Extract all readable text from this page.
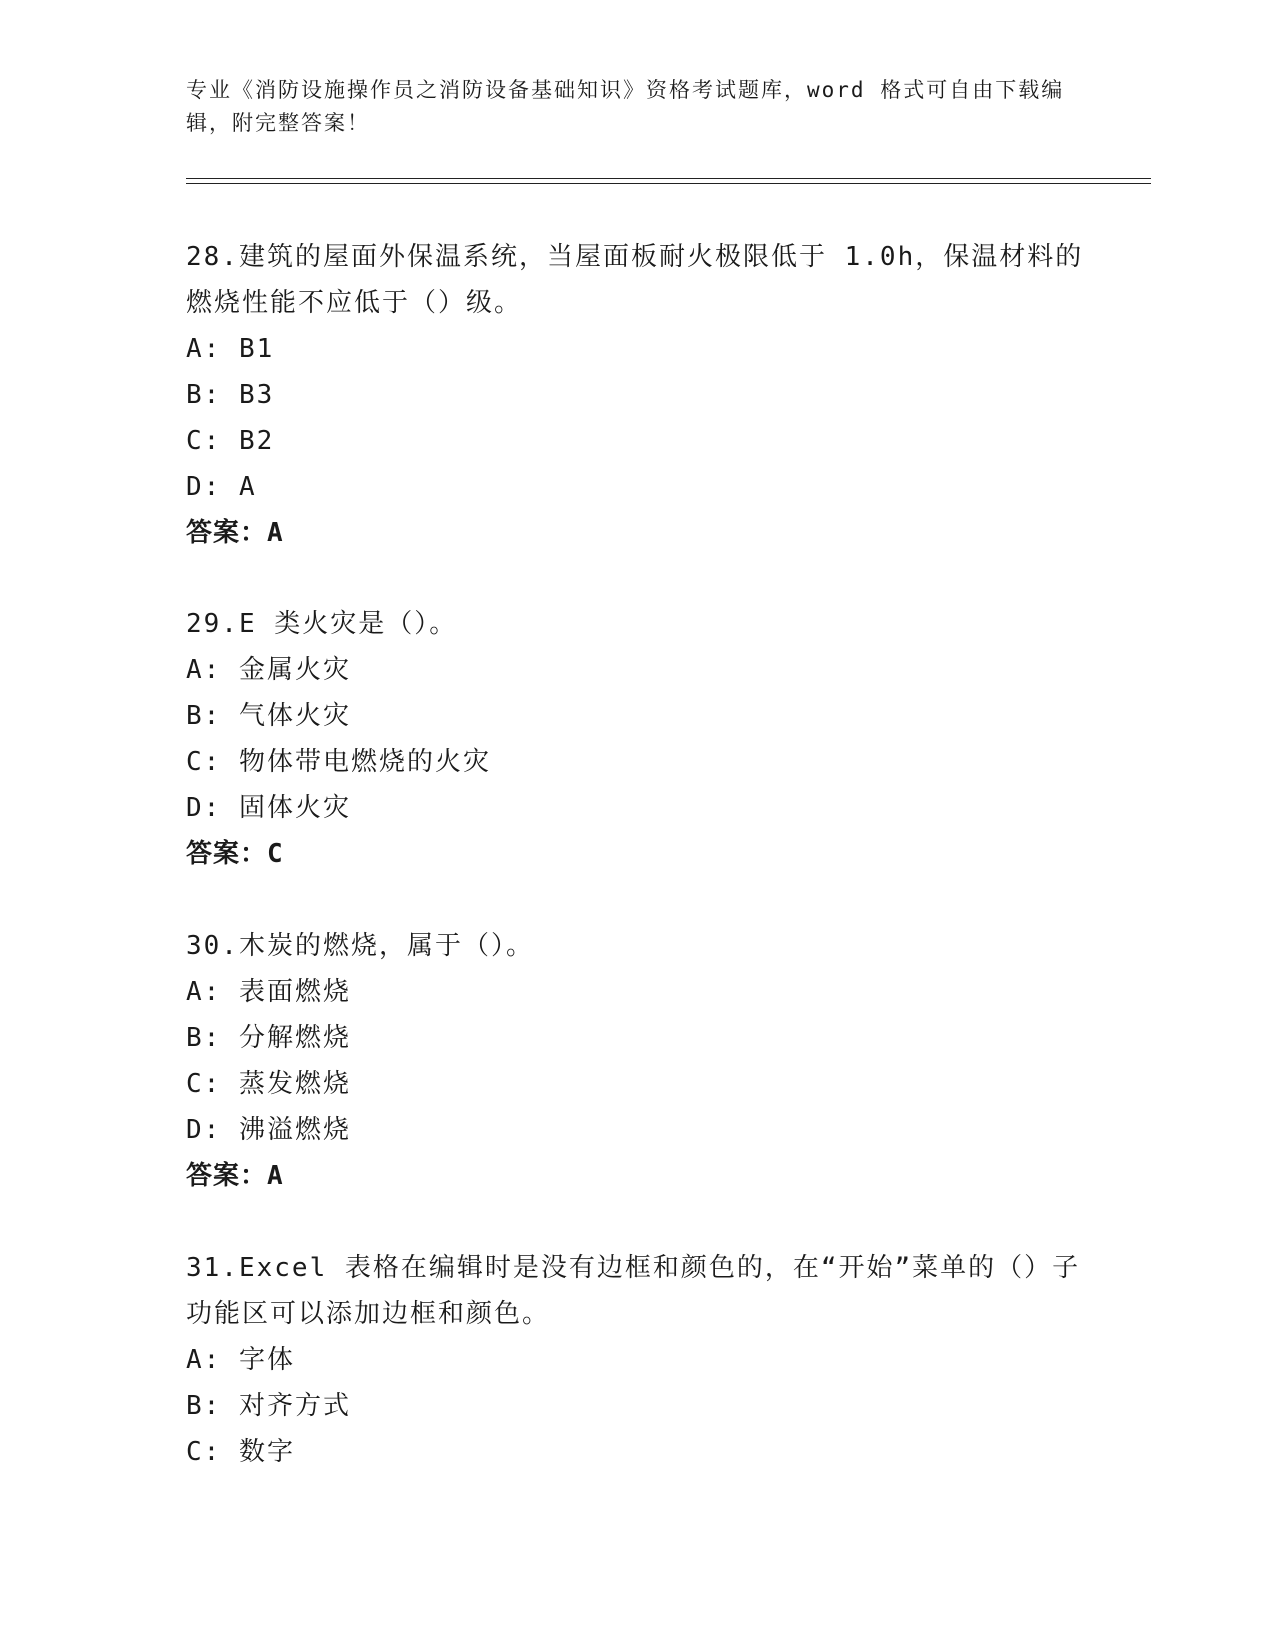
专业《消防设施操作员之消防设备基础知识》资格考试题库，word 格式可自由下载编辑，附完整答案！
28.建筑的屋面外保温系统，当屋面板耐火极限低于 1.0h，保温材料的燃烧性能不应低于（）级。
A: B1
B: B3
C: B2
D: A
答案：A
29.E 类火灾是（）。
A: 金属火灾
B: 气体火灾
C: 物体带电燃烧的火灾
D: 固体火灾
答案：C
30.木炭的燃烧，属于（）。
A: 表面燃烧
B: 分解燃烧
C: 蒸发燃烧
D: 沸溢燃烧
答案：A
31.Excel 表格在编辑时是没有边框和颜色的，在“开始”菜单的（）子功能区可以添加边框和颜色。
A: 字体
B: 对齐方式
C: 数字
